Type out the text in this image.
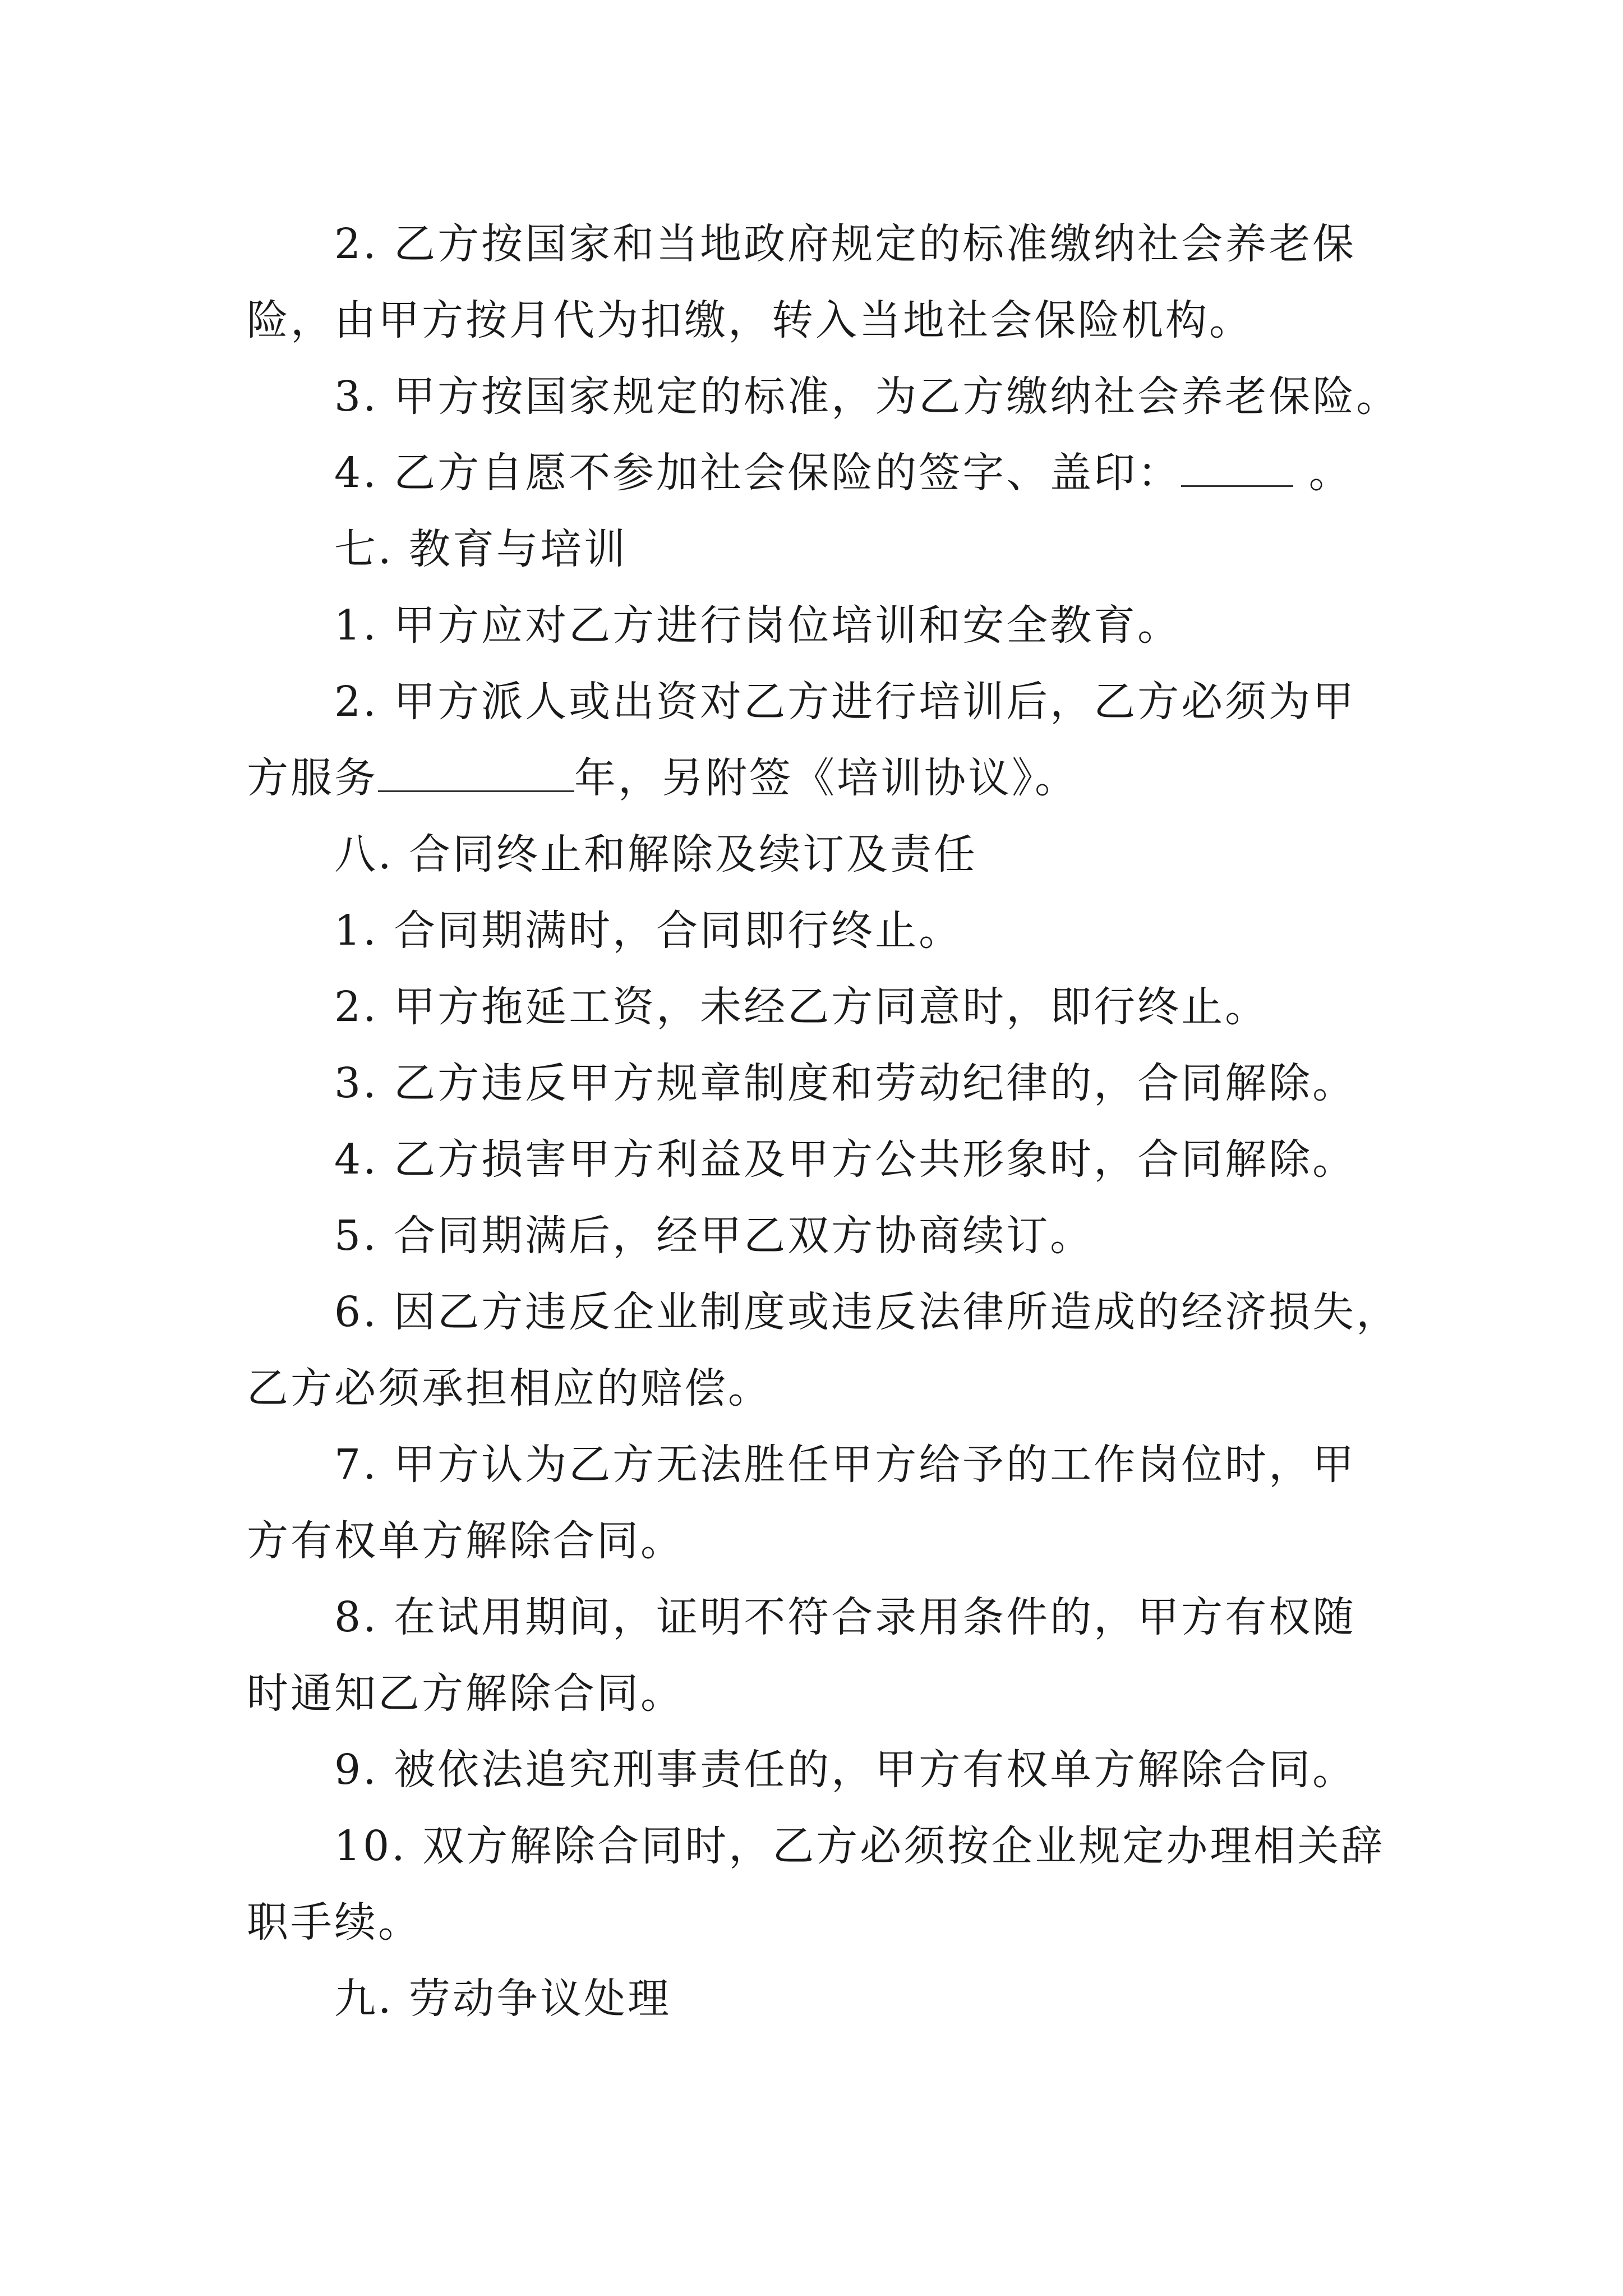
2. 乙方按国家和当地政府规定的标准缴纳社会养老保
险，由甲方按月代为扣缴，转入当地社会保险机构。
3. 甲方按国家规定的标准，为乙方缴纳社会养老保险。
4. 乙方自愿不参加社会保险的签字、盖印：	。
七. 教育与培训
1. 甲方应对乙方进行岗位培训和安全教育。
2. 甲方派人或出资对乙方进行培训后，乙方必须为甲
方服务	年，另附签《培训协议》。
八. 合同终止和解除及续订及责任
1. 合同期满时，合同即行终止。
2. 甲方拖延工资，未经乙方同意时，即行终止。
3. 乙方违反甲方规章制度和劳动纪律的，合同解除。
4. 乙方损害甲方利益及甲方公共形象时，合同解除。
5. 合同期满后，经甲乙双方协商续订。
6. 因乙方违反企业制度或违反法律所造成的经济损失，
乙方必须承担相应的赔偿。
7. 甲方认为乙方无法胜任甲方给予的工作岗位时，甲
方有权单方解除合同。
8. 在试用期间，证明不符合录用条件的，甲方有权随
时通知乙方解除合同。
9. 被依法追究刑事责任的，甲方有权单方解除合同。
10. 双方解除合同时，乙方必须按企业规定办理相关辞
职手续。
九. 劳动争议处理
